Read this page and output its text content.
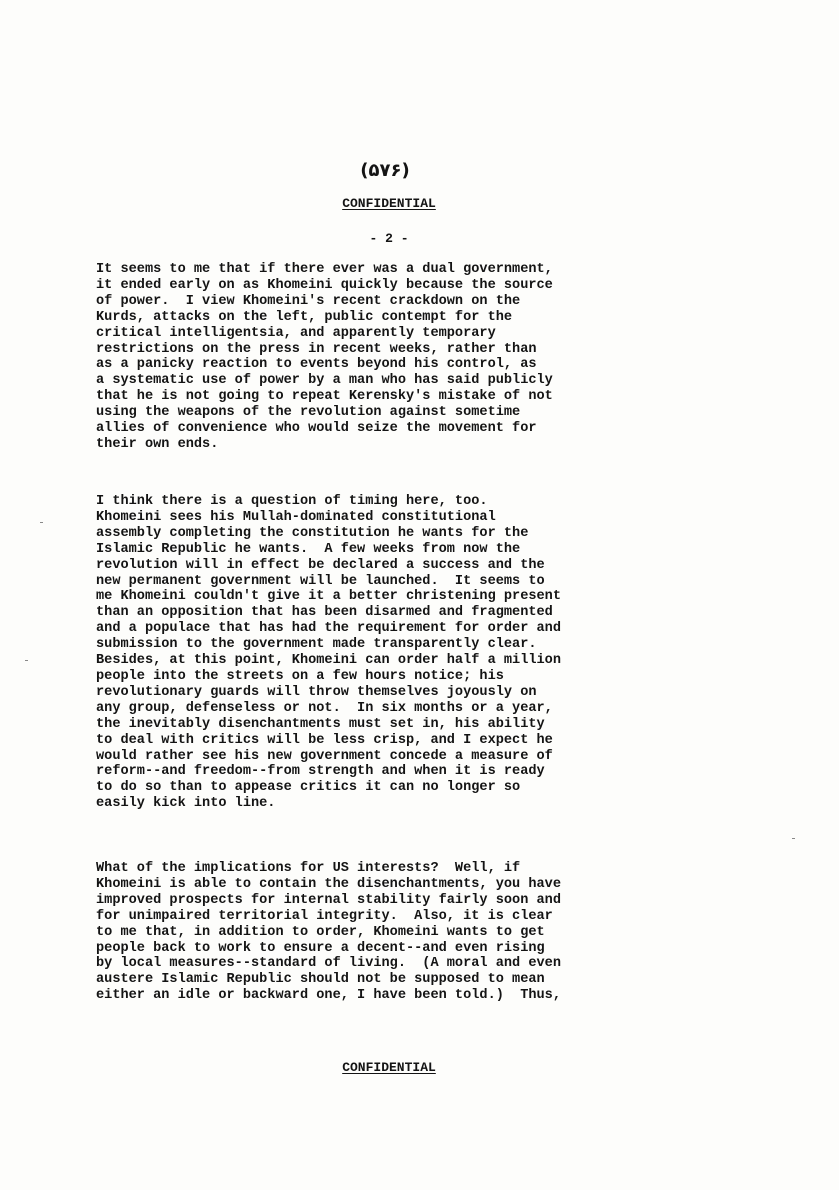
(۵۷۶)
CONFIDENTIAL
- 2 -

It seems to me that if there ever was a dual government,
it ended early on as Khomeini quickly because the source
of power.  I view Khomeini's recent crackdown on the
Kurds, attacks on the left, public contempt for the
critical intelligentsia, and apparently temporary
restrictions on the press in recent weeks, rather than
as a panicky reaction to events beyond his control, as
a systematic use of power by a man who has said publicly
that he is not going to repeat Kerensky's mistake of not
using the weapons of the revolution against sometime
allies of convenience who would seize the movement for
their own ends.

I think there is a question of timing here, too.
Khomeini sees his Mullah-dominated constitutional
assembly completing the constitution he wants for the
Islamic Republic he wants.  A few weeks from now the
revolution will in effect be declared a success and the
new permanent government will be launched.  It seems to
me Khomeini couldn't give it a better christening present
than an opposition that has been disarmed and fragmented
and a populace that has had the requirement for order and
submission to the government made transparently clear.
Besides, at this point, Khomeini can order half a million
people into the streets on a few hours notice; his
revolutionary guards will throw themselves joyously on
any group, defenseless or not.  In six months or a year,
the inevitably disenchantments must set in, his ability
to deal with critics will be less crisp, and I expect he
would rather see his new government concede a measure of
reform--and freedom--from strength and when it is ready
to do so than to appease critics it can no longer so
easily kick into line.

What of the implications for US interests?  Well, if
Khomeini is able to contain the disenchantments, you have
improved prospects for internal stability fairly soon and
for unimpaired territorial integrity.  Also, it is clear
to me that, in addition to order, Khomeini wants to get
people back to work to ensure a decent--and even rising
by local measures--standard of living.  (A moral and even
austere Islamic Republic should not be supposed to mean
either an idle or backward one, I have been told.)  Thus,

CONFIDENTIAL
